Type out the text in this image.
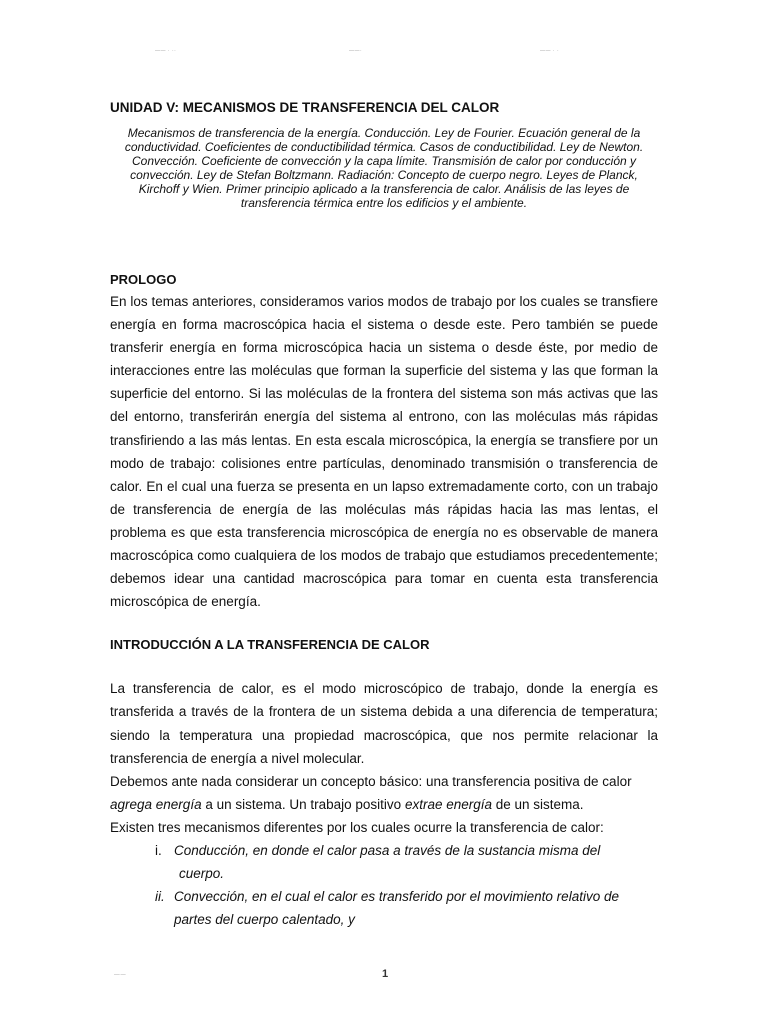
—— · ··	——·	—— · ·
UNIDAD V: MECANISMOS DE TRANSFERENCIA DEL CALOR

Mecanismos de transferencia de la energía. Conducción. Ley de Fourier. Ecuación general de la conductividad. Coeficientes de conductibilidad térmica. Casos de conductibilidad. Ley de Newton. Convección. Coeficiente de convección y la capa límite. Transmisión de calor por conducción y convección. Ley de Stefan Boltzmann. Radiación: Concepto de cuerpo negro. Leyes de Planck, Kirchoff y Wien. Primer principio aplicado a la transferencia de calor. Análisis de las leyes de transferencia térmica entre los edificios y el ambiente.

PROLOGO

En los temas anteriores, consideramos varios modos de trabajo por los cuales se transfiere energía en forma macroscópica hacia el sistema o desde este. Pero también se puede transferir energía en forma microscópica hacia un sistema o desde éste, por medio de interacciones entre las moléculas que forman la superficie del sistema y las que forman la superficie del entorno. Si las moléculas de la frontera del sistema son más activas que las del entorno, transferirán energía del sistema al entrono, con las moléculas más rápidas transfiriendo a las más lentas. En esta escala microscópica, la energía se transfiere por un modo de trabajo: colisiones entre partículas, denominado transmisión o transferencia de calor. En el cual una fuerza se presenta en un lapso extremadamente corto, con un trabajo de transferencia de energía de las moléculas más rápidas hacia las mas lentas, el problema es que esta transferencia microscópica de energía no es observable de manera macroscópica como cualquiera de los modos de trabajo que estudiamos precedentemente; debemos idear una cantidad macroscópica para tomar en cuenta esta transferencia microscópica de energía.

INTRODUCCIÓN A LA TRANSFERENCIA DE CALOR

La transferencia de calor, es el modo microscópico de trabajo, donde la energía es transferida a través de la frontera de un sistema debida a una diferencia de temperatura; siendo la temperatura una propiedad macroscópica, que nos permite relacionar la transferencia de energía a nivel molecular.

Debemos ante nada considerar un concepto básico: una transferencia positiva de calor agrega energía a un sistema. Un trabajo positivo extrae energía de un sistema.

Existen tres mecanismos diferentes por los cuales ocurre la transferencia de calor:

i. Conducción, en donde el calor pasa a través de la sustancia misma del
cuerpo.
ii. Convección, en el cual el calor es transferido por el movimiento relativo de
partes del cuerpo calentado, y
—·—	1
